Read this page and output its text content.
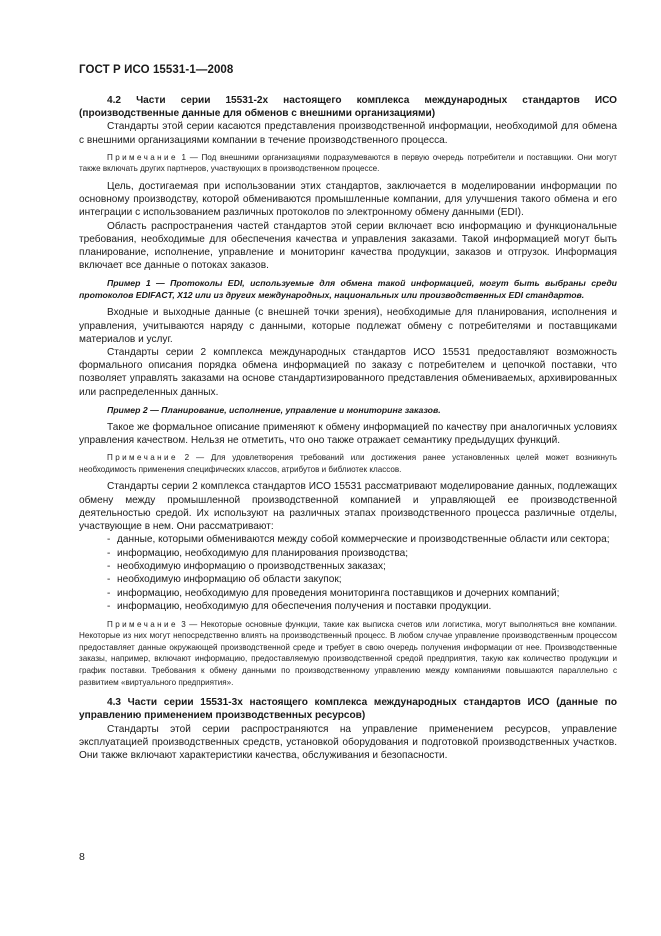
ГОСТ Р ИСО 15531-1—2008

4.2 Части серии 15531-2х настоящего комплекса международных стандартов ИСО (производственные данные для обменов с внешними организациями)

Стандарты этой серии касаются представления производственной информации, необходимой для обмена с внешними организациями компании в течение производственного процесса.

Примечание 1 — Под внешними организациями подразумеваются в первую очередь потребители и поставщики. Они могут также включать других партнеров, участвующих в производственном процессе.

Цель, достигаемая при использовании этих стандартов, заключается в моделировании информации по основному производству, которой обмениваются промышленные компании, для улучшения такого обмена и его интеграции с использованием различных протоколов по электронному обмену данными (EDI).

Область распространения частей стандартов этой серии включает всю информацию и функциональные требования, необходимые для обеспечения качества и управления заказами. Такой информацией могут быть планирование, исполнение, управление и мониторинг качества продукции, заказов и отгрузок. Информация включает все данные о потоках заказов.

Пример 1 — Протоколы EDI, используемые для обмена такой информацией, могут быть выбраны среди протоколов EDIFACT, X12 или из других международных, национальных или производственных EDI стандартов.

Входные и выходные данные (с внешней точки зрения), необходимые для планирования, исполнения и управления, учитываются наряду с данными, которые подлежат обмену с потребителями и поставщиками материалов и услуг.

Стандарты серии 2 комплекса международных стандартов ИСО 15531 предоставляют возможность формального описания порядка обмена информацией по заказу с потребителем и цепочкой поставки, что позволяет управлять заказами на основе стандартизированного представления обмениваемых, архивированных или распределенных данных.

Пример 2 — Планирование, исполнение, управление и мониторинг заказов.

Такое же формальное описание применяют к обмену информацией по качеству при аналогичных условиях управления качеством. Нельзя не отметить, что оно также отражает семантику предыдущих функций.

Примечание 2 — Для удовлетворения требований или достижения ранее установленных целей может возникнуть необходимость применения специфических классов, атрибутов и библиотек классов.

Стандарты серии 2 комплекса стандартов ИСО 15531 рассматривают моделирование данных, подлежащих обмену между промышленной производственной компанией и управляющей ее производственной деятельностью средой. Их используют на различных этапах производственного процесса различные отделы, участвующие в нем. Они рассматривают:

- данные, которыми обмениваются между собой коммерческие и производственные области или сектора;
- информацию, необходимую для планирования производства;
- необходимую информацию о производственных заказах;
- необходимую информацию об области закупок;
- информацию, необходимую для проведения мониторинга поставщиков и дочерних компаний;
- информацию, необходимую для обеспечения получения и поставки продукции.

Примечание 3 — Некоторые основные функции, такие как выписка счетов или логистика, могут выполняться вне компании. Некоторые из них могут непосредственно влиять на производственный процесс. В любом случае управление производственным процессом предоставляет данные окружающей производственной среде и требует в свою очередь получения информации от нее. Производственные заказы, например, включают информацию, предоставляемую производственной средой предприятия, такую как количество продукции и график поставки. Требования к обмену данными по производственному управлению между компаниями повышаются параллельно с развитием «виртуального предприятия».

4.3 Части серии 15531-3х настоящего комплекса международных стандартов ИСО (данные по управлению применением производственных ресурсов)

Стандарты этой серии распространяются на управление применением ресурсов, управление эксплуатацией производственных средств, установкой оборудования и подготовкой производственных участков. Они также включают характеристики качества, обслуживания и безопасности.

8
